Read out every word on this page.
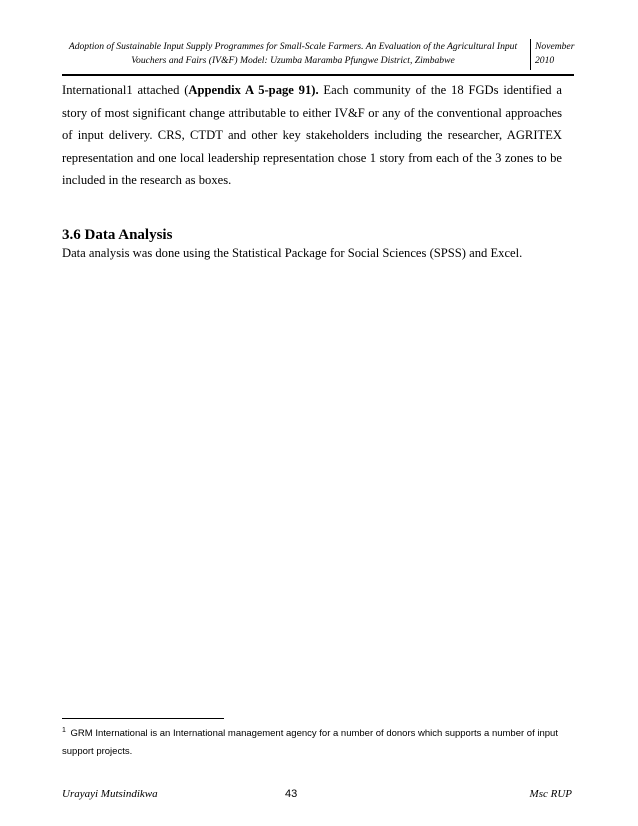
Adoption of Sustainable Input Supply Programmes for Small-Scale Farmers. An Evaluation of the Agricultural Input
Vouchers and Fairs (IV&F) Model: Uzumba Maramba Pfungwe District, Zimbabwe
November
2010

International1 attached (Appendix A 5-page 91). Each community of the 18 FGDs identified a story of most significant change attributable to either IV&F or any of the conventional approaches of input delivery. CRS, CTDT and other key stakeholders including the researcher, AGRITEX representation and one local leadership representation chose 1 story from each of the 3 zones to be included in the research as boxes.

3.6 Data Analysis

Data analysis was done using the Statistical Package for Social Sciences (SPSS) and Excel.

$^1$ GRM International is an International management agency for a number of donors which supports a number of input support projects.

Urayayi Mutsindikwa	43	Msc RUP
